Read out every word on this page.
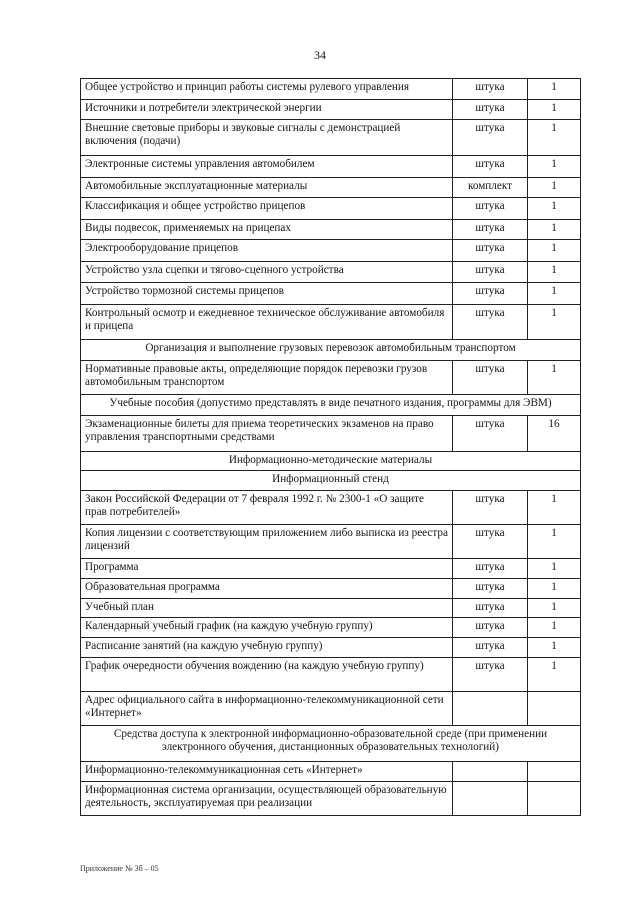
34
Общее устройство и принцип работы системы рулевого управления	штука	1
Источники и потребители электрической энергии	штука	1
Внешние световые приборы и звуковые сигналы с демонстрацией включения (подачи)	штука	1
Электронные системы управления автомобилем	штука	1
Автомобильные эксплуатационные материалы	комплект	1
Классификация и общее устройство прицепов	штука	1
Виды подвесок, применяемых на прицепах	штука	1
Электрооборудование прицепов	штука	1
Устройство узла сцепки и тягово-сцепного устройства	штука	1
Устройство тормозной системы прицепов	штука	1
Контрольный осмотр и ежедневное техническое обслуживание автомобиля и прицепа	штука	1
Организация и выполнение грузовых перевозок автомобильным транспортом		
Нормативные правовые акты, определяющие порядок перевозки грузов автомобильным транспортом	штука	1
Учебные пособия (допустимо представлять в виде печатного издания, программы для ЭВМ)		
Экзаменационные билеты для приема теоретических экзаменов на право управления транспортными средствами	штука	16
Информационно-методические материалы		
Информационный стенд		
Закон Российской Федерации от 7 февраля 1992 г. № 2300-1 «О защите прав потребителей»	штука	1
Копия лицензии с соответствующим приложением либо выписка из реестра лицензий	штука	1
Программа	штука	1
Образовательная программа	штука	1
Учебный план	штука	1
Календарный учебный график (на каждую учебную группу)	штука	1
Расписание занятий (на каждую учебную группу)	штука	1
График очередности обучения вождению (на каждую учебную группу)	штука	1
Адрес официального сайта в информационно-телекоммуникационной сети «Интернет»		
Средства доступа к электронной информационно-образовательной среде (при применении электронного обучения, дистанционных образовательных технологий)		
Информационно-телекоммуникационная сеть «Интернет»		
Информационная система организации, осуществляющей образовательную деятельность, эксплуатируемая при реализации		
Приложение № 3б – 05
